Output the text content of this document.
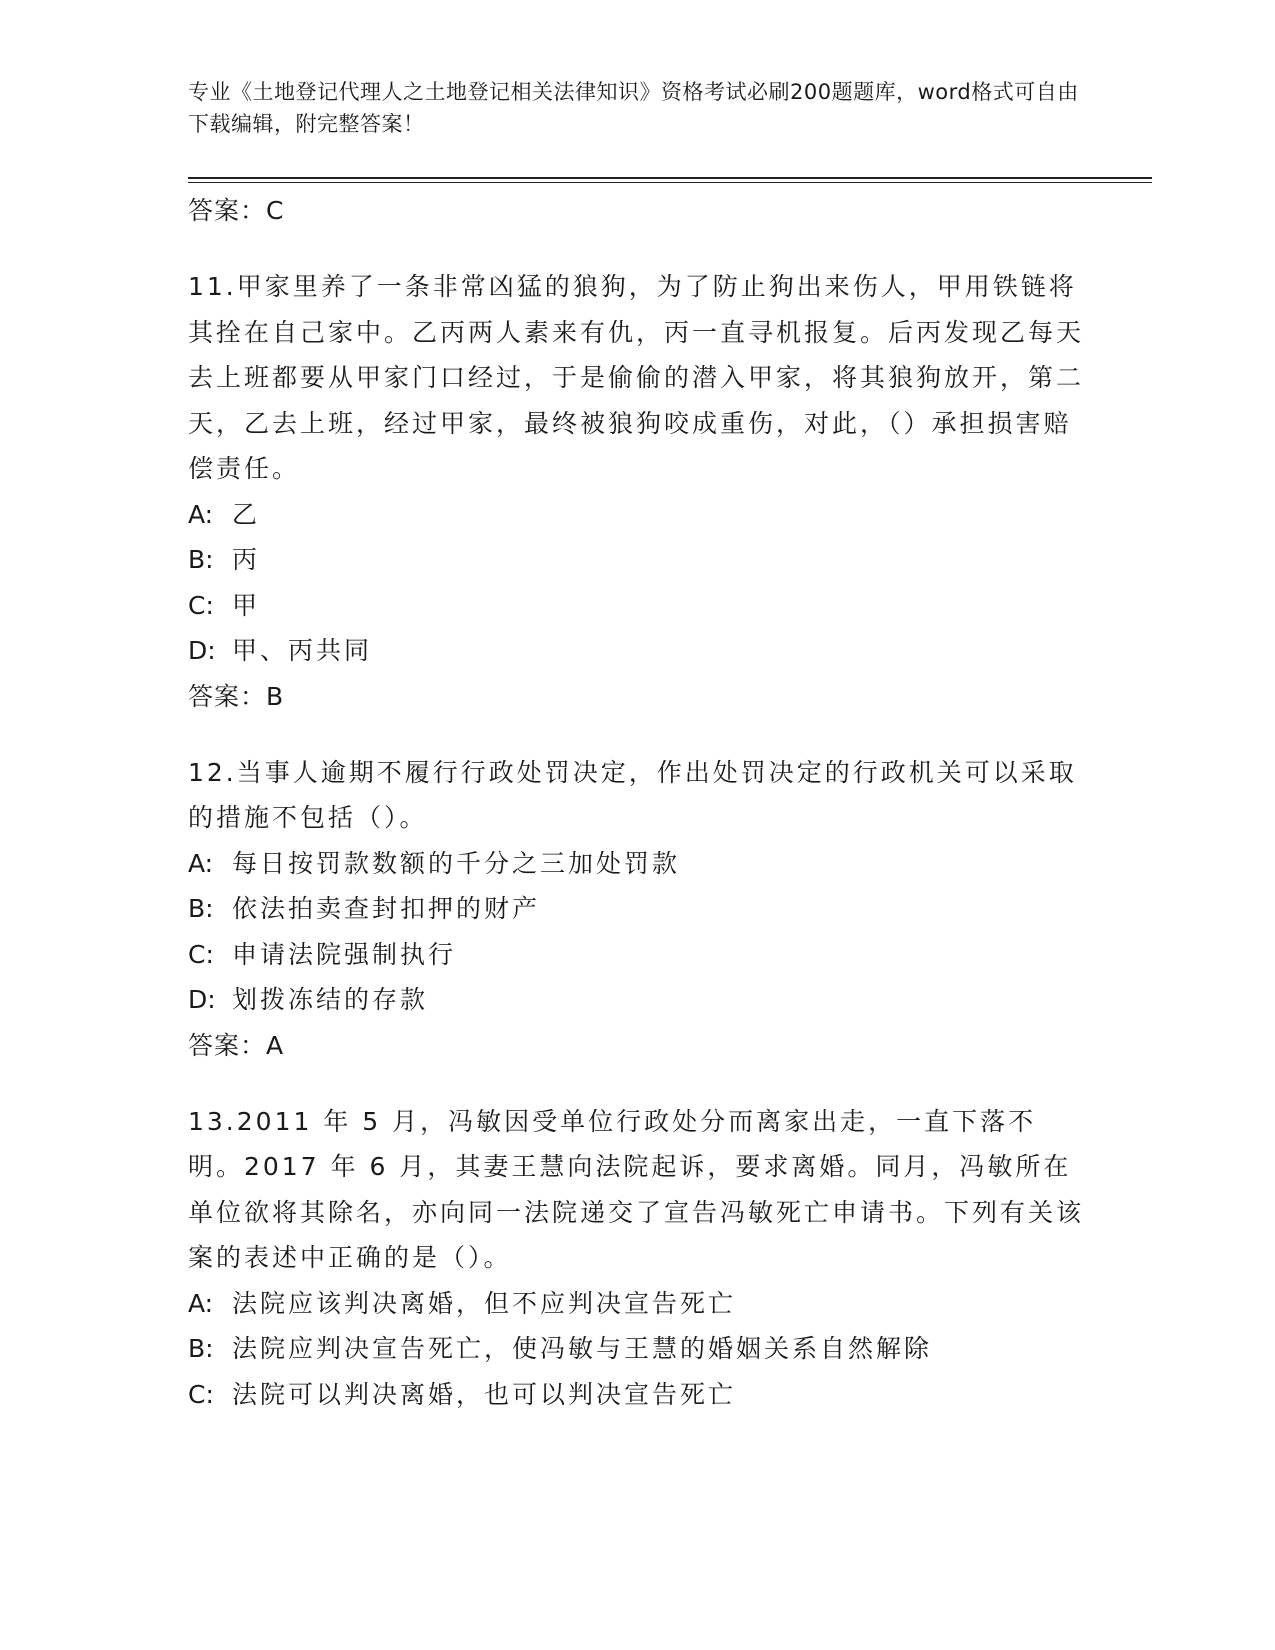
专业《土地登记代理人之土地登记相关法律知识》资格考试必刷200题题库，word格式可自由下载编辑，附完整答案！
答案：C
11.甲家里养了一条非常凶猛的狼狗，为了防止狗出来伤人，甲用铁链将其拴在自己家中。乙丙两人素来有仇，丙一直寻机报复。后丙发现乙每天去上班都要从甲家门口经过，于是偷偷的潜入甲家，将其狼狗放开，第二天，乙去上班，经过甲家，最终被狼狗咬成重伤，对此，（）承担损害赔偿责任。
A: 乙
B: 丙
C: 甲
D: 甲、丙共同
答案：B
12.当事人逾期不履行行政处罚决定，作出处罚决定的行政机关可以采取的措施不包括（）。
A: 每日按罚款数额的千分之三加处罚款
B: 依法拍卖查封扣押的财产
C: 申请法院强制执行
D: 划拨冻结的存款
答案：A
13.2011 年 5 月，冯敏因受单位行政处分而离家出走，一直下落不明。2017 年 6 月，其妻王慧向法院起诉，要求离婚。同月，冯敏所在单位欲将其除名，亦向同一法院递交了宣告冯敏死亡申请书。下列有关该案的表述中正确的是（）。
A: 法院应该判决离婚，但不应判决宣告死亡
B: 法院应判决宣告死亡，使冯敏与王慧的婚姻关系自然解除
C: 法院可以判决离婚，也可以判决宣告死亡
